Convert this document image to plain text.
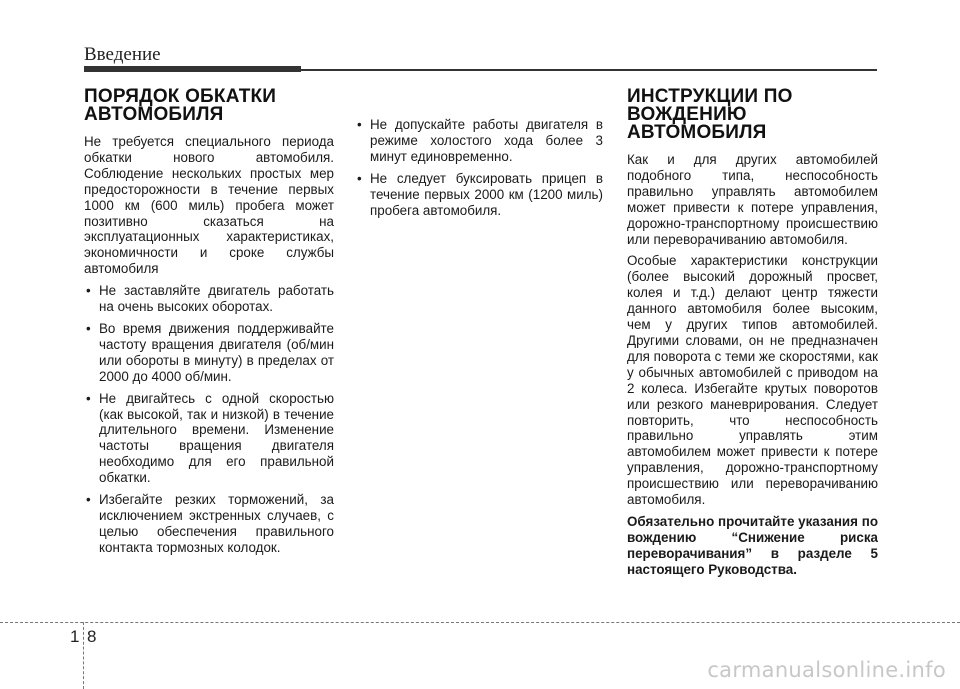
Введение
ПОРЯДОК ОБКАТКИ АВТОМОБИЛЯ

Не требуется специального периода обкатки нового автомобиля. Соблюдение нескольких простых мер предосторожности в течение первых 1000 км (600 миль) пробега может позитивно сказаться на эксплуатационных характеристиках, экономичности и сроке службы автомобиля

• Не заставляйте двигатель работать на очень высоких оборотах.
• Во время движения поддерживайте частоту вращения двигателя (об/мин или обороты в минуту) в пределах от 2000 до 4000 об/мин.
• Не двигайтесь с одной скоростью (как высокой, так и низкой) в течение длительного времени. Изменение частоты вращения двигателя необходимо для его правильной обкатки.
• Избегайте резких торможений, за исключением экстренных случаев, с целью обеспечения правильного контакта тормозных колодок.
• Не допускайте работы двигателя в режиме холостого хода более 3 минут единовременно.
• Не следует буксировать прицеп в течение первых 2000 км (1200 миль) пробега автомобиля.
ИНСТРУКЦИИ ПО
ВОЖДЕНИЮ АВТОМОБИЛЯ

Как и для других автомобилей подобного типа, неспособность правильно управлять автомобилем может привести к потере управления, дорожно-транспортному происшествию или переворачиванию автомобиля.

Особые характеристики конструкции (более высокий дорожный просвет, колея и т.д.) делают центр тяжести данного автомобиля более высоким, чем у других типов автомобилей. Другими словами, он не предназначен для поворота с теми же скоростями, как у обычных автомобилей с приводом на 2 колеса. Избегайте крутых поворотов или резкого маневрирования. Следует повторить, что неспособность правильно управлять этим автомобилем может привести к потере управления, дорожно-транспортному происшествию или переворачиванию автомобиля.

Обязательно прочитайте указания по вождению “Снижение риска переворачивания” в разделе 5 настоящего Руководства.

1 8
carmanualsonline.info
